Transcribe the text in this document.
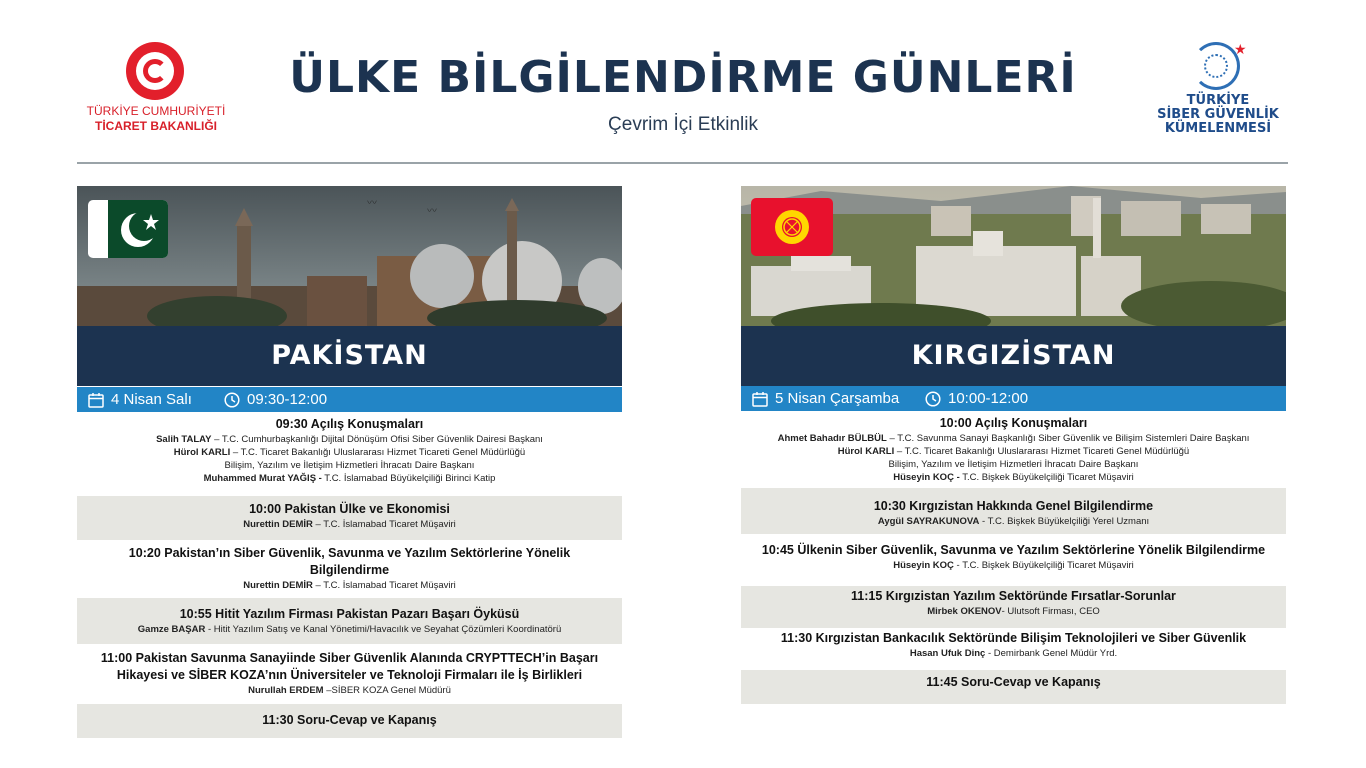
TÜRKİYE CUMHURİYETİ
TİCARET BAKANLIĞI
ÜLKE BİLGİLENDİRME GÜNLERİ
Çevrim İçi Etkinlik
★
TÜRKİYE
SİBER GÜVENLİK
KÜMELENMESİ
〰
〰
PAKİSTAN
4 Nisan Salı	09:30-12:00
09:30 Açılış Konuşmaları
Salih TALAY – T.C. Cumhurbaşkanlığı Dijital Dönüşüm Ofisi Siber Güvenlik Dairesi Başkanı
Hürol KARLI – T.C. Ticaret Bakanlığı Uluslararası Hizmet Ticareti Genel Müdürlüğü
Bilişim, Yazılım ve İletişim Hizmetleri İhracatı Daire Başkanı
Muhammed Murat YAĞIŞ - T.C. İslamabad Büyükelçiliği Birinci Katip
10:00 Pakistan Ülke ve Ekonomisi
Nurettin DEMİR – T.C. İslamabad Ticaret Müşaviri
10:20 Pakistan’ın Siber Güvenlik, Savunma ve Yazılım Sektörlerine Yönelik Bilgilendirme
Nurettin DEMİR – T.C. İslamabad Ticaret Müşaviri
10:55 Hitit Yazılım Firması Pakistan Pazarı Başarı Öyküsü
Gamze BAŞAR - Hitit Yazılım Satış ve Kanal Yönetimi/Havacılık ve Seyahat Çözümleri Koordinatörü
11:00 Pakistan Savunma Sanayiinde Siber Güvenlik Alanında CRYPTTECH’in Başarı Hikayesi ve SİBER KOZA’nın Üniversiteler ve Teknoloji Firmaları ile İş Birlikleri
Nurullah ERDEM –SİBER KOZA Genel Müdürü
11:30 Soru-Cevap ve Kapanış
KIRGIZİSTAN
5 Nisan Çarşamba	10:00-12:00
10:00 Açılış Konuşmaları
Ahmet Bahadır BÜLBÜL – T.C. Savunma Sanayi Başkanlığı Siber Güvenlik ve Bilişim Sistemleri Daire Başkanı
Hürol KARLI – T.C. Ticaret Bakanlığı Uluslararası Hizmet Ticareti Genel Müdürlüğü
Bilişim, Yazılım ve İletişim Hizmetleri İhracatı Daire Başkanı
Hüseyin KOÇ - T.C. Bişkek Büyükelçiliği Ticaret Müşaviri
10:30 Kırgızistan Hakkında Genel Bilgilendirme
Aygül SAYRAKUNOVA - T.C. Bişkek Büyükelçiliği Yerel Uzmanı
10:45 Ülkenin Siber Güvenlik, Savunma ve Yazılım Sektörlerine Yönelik Bilgilendirme
Hüseyin KOÇ - T.C. Bişkek Büyükelçiliği Ticaret Müşaviri
11:15 Kırgızistan Yazılım Sektöründe Fırsatlar-Sorunlar
Mirbek OKENOV- Ulutsoft Firması, CEO
11:30 Kırgızistan Bankacılık Sektöründe Bilişim Teknolojileri ve Siber Güvenlik
Hasan Ufuk Dinç - Demirbank Genel Müdür Yrd.
11:45 Soru-Cevap ve Kapanış
